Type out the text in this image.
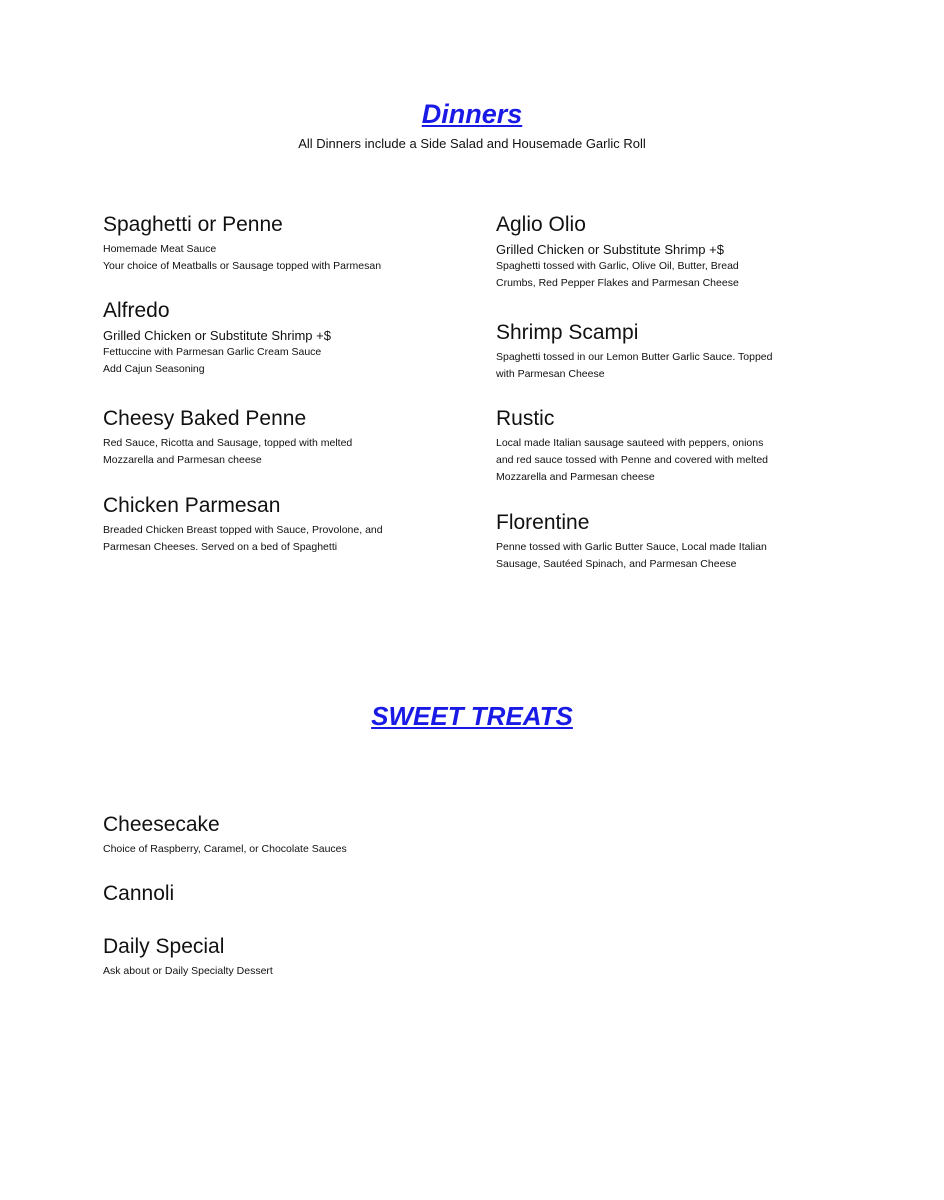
Dinners

All Dinners include a Side Salad and Housemade Garlic Roll

Spaghetti or Penne
Homemade Meat Sauce
Your choice of Meatballs or Sausage topped with Parmesan
Alfredo
Grilled Chicken or Substitute Shrimp +$
Fettuccine with Parmesan Garlic Cream Sauce
Add Cajun Seasoning
Cheesy Baked Penne
Red Sauce, Ricotta and Sausage, topped with melted
Mozzarella and Parmesan cheese
Chicken Parmesan
Breaded Chicken Breast topped with Sauce, Provolone, and
Parmesan Cheeses. Served on a bed of Spaghetti
Aglio Olio
Grilled Chicken or Substitute Shrimp +$
Spaghetti tossed with Garlic, Olive Oil, Butter, Bread
Crumbs, Red Pepper Flakes and Parmesan Cheese
Shrimp Scampi
Spaghetti tossed in our Lemon Butter Garlic Sauce. Topped
with Parmesan Cheese
Rustic
Local made Italian sausage sauteed with peppers, onions
and red sauce tossed with Penne and covered with melted
Mozzarella and Parmesan cheese
Florentine
Penne tossed with Garlic Butter Sauce, Local made Italian
Sausage, Sautéed Spinach, and Parmesan Cheese
SWEET TREATS
Cheesecake
Choice of Raspberry, Caramel, or Chocolate Sauces
Cannoli
Daily Special
Ask about or Daily Specialty Dessert
